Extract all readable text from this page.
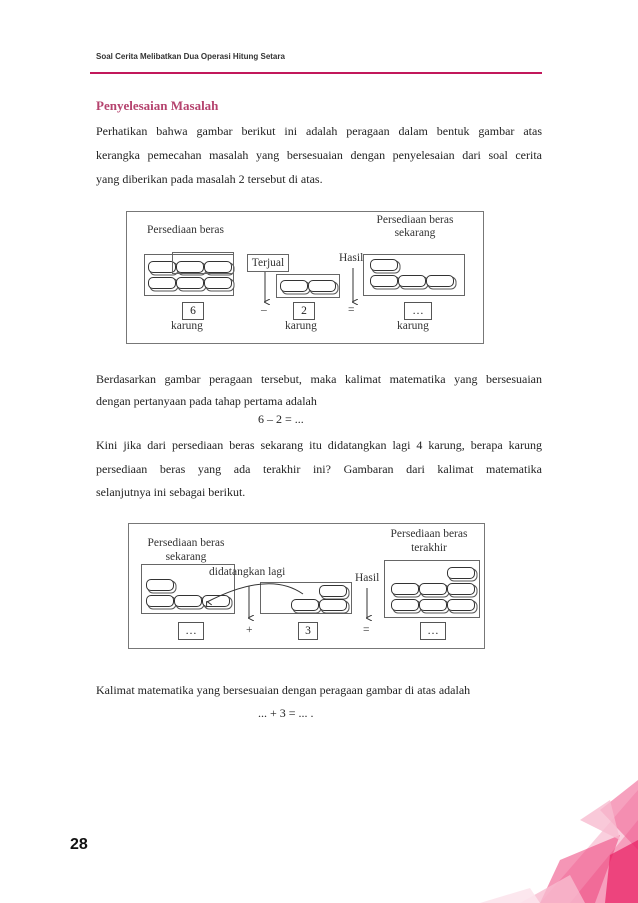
Soal Cerita Melibatkan Dua Operasi Hitung Setara
Penyelesaian Masalah
Perhatikan bahwa gambar berikut ini adalah peragaan dalam bentuk gambar atas
kerangka pemecahan masalah yang bersesuaian dengan penyelesaian dari soal cerita
yang diberikan pada masalah 2 tersebut di atas.
Persediaan beras
Persediaan beras
sekarang
Terjual	Hasil
6	–	2	=	…
karung	karung	karung
Berdasarkan gambar peragaan tersebut, maka kalimat matematika yang bersesuaian
dengan pertanyaan pada tahap pertama adalah
6 – 2 = ...
Kini jika dari persediaan beras sekarang itu didatangkan lagi 4 karung, berapa karung
persediaan beras yang ada terakhir ini? Gambaran dari kalimat matematika
selanjutnya ini sebagai berikut.
Persediaan beras
sekarang
Persediaan beras
terakhir
didatangkan lagi	Hasil
…	+	3	=	…
Kalimat matematika yang bersesuaian dengan peragaan gambar di atas adalah
... + 3 = ... .
28
